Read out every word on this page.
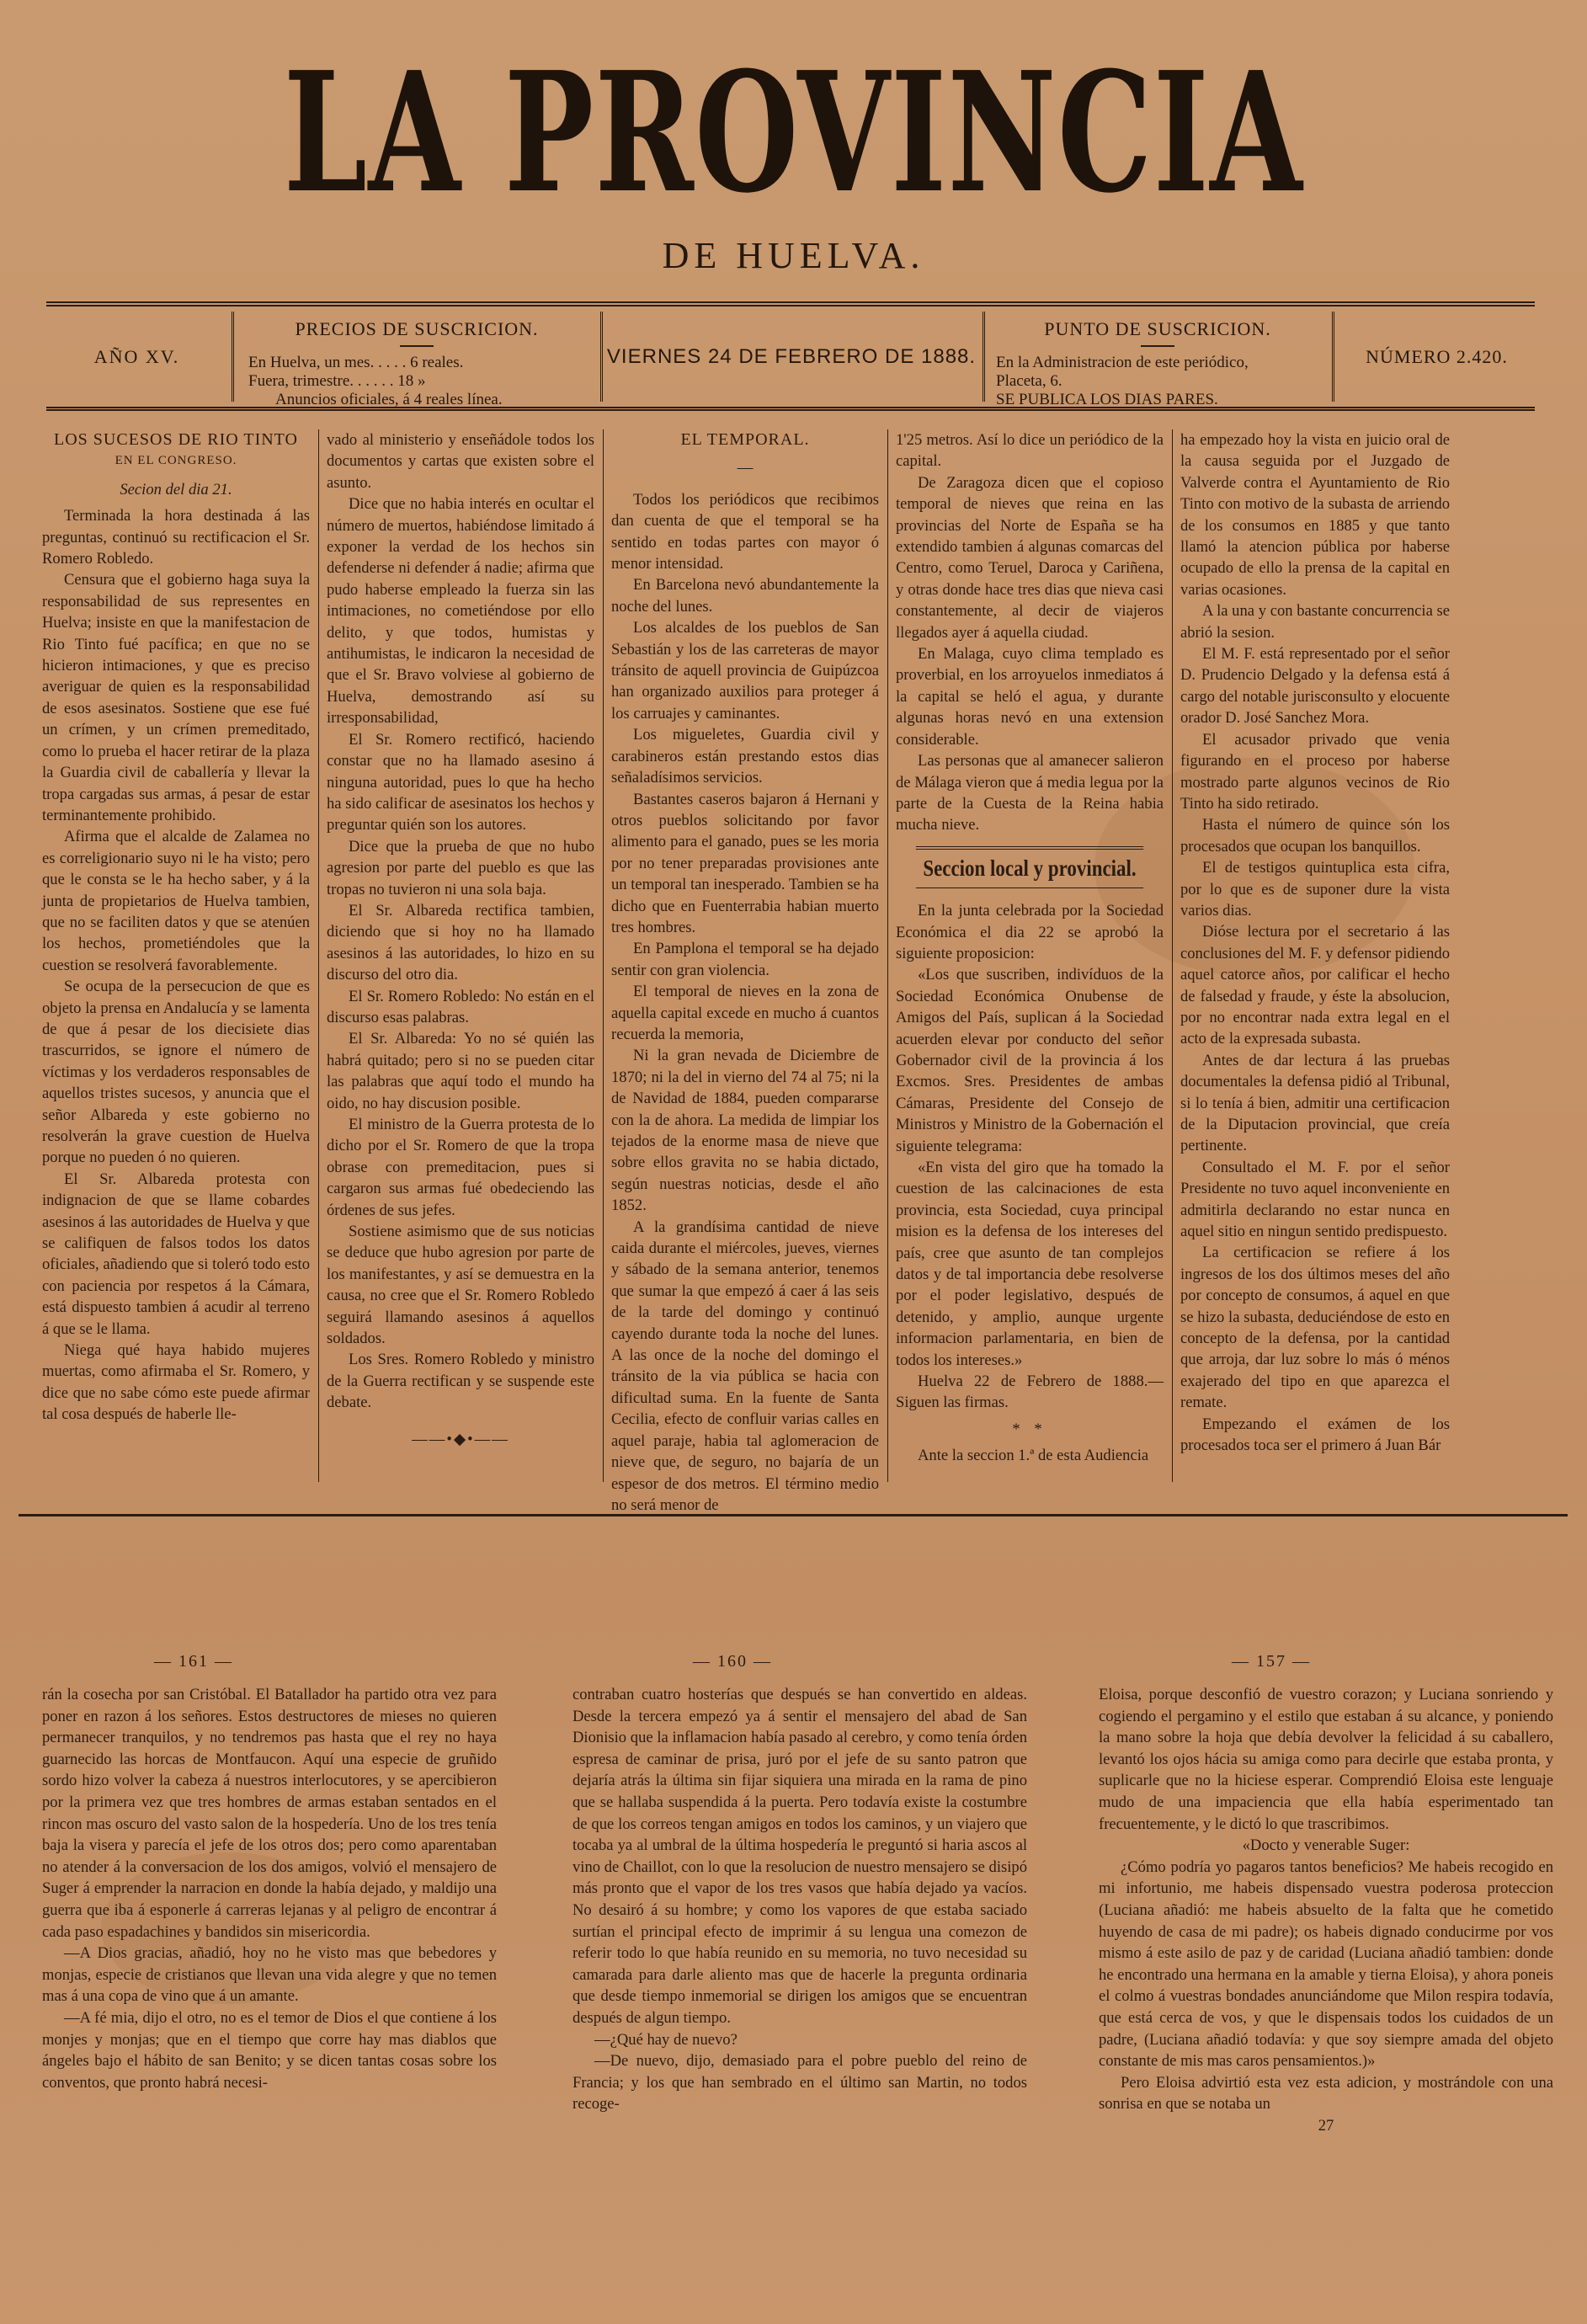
LA PROVINCIA
DE HUELVA.
AÑO XV.
PRECIOS DE SUSCRICION.
En Huelva, un mes. . . . . 6 reales.
Fuera, trimestre. . . . . . 18 »
Anuncios oficiales, á 4 reales línea.
VIERNES 24 DE FEBRERO DE 1888.
PUNTO DE SUSCRICION.
En la Administracion de este periódico,
Placeta, 6.
SE PUBLICA LOS DIAS PARES.
NÚMERO 2.420.

LOS SUCESOS DE RIO TINTO

EN EL CONGRESO.

Secion del dia 21.

Terminada la hora destinada á las preguntas, continuó su rectificacion el Sr. Romero Robledo.

Censura que el gobierno haga suya la responsabilidad de sus representes en Huelva; insiste en que la manifestacion de Rio Tinto fué pacífica; en que no se hicieron intimaciones, y que es preciso averiguar de quien es la responsabilidad de esos asesinatos. Sostiene que ese fué un crímen, y un crímen premeditado, como lo prueba el hacer retirar de la plaza la Guardia civil de caballería y llevar la tropa cargadas sus armas, á pesar de estar terminantemente prohibido.

Afirma que el alcalde de Zalamea no es correligionario suyo ni le ha visto; pero que le consta se le ha hecho saber, y á la junta de propietarios de Huelva tambien, que no se faciliten datos y que se atenúen los hechos, prometiéndoles que la cuestion se resolverá favorablemente.

Se ocupa de la persecucion de que es objeto la prensa en Andalucía y se lamenta de que á pesar de los diecisiete dias trascurridos, se ignore el número de víctimas y los verdaderos responsables de aquellos tristes sucesos, y anuncia que el señor Albareda y este gobierno no resolverán la grave cuestion de Huelva porque no pueden ó no quieren.

El Sr. Albareda protesta con indignacion de que se llame cobardes asesinos á las autoridades de Huelva y que se califiquen de falsos todos los datos oficiales, añadiendo que si toleró todo esto con paciencia por respetos á la Cámara, está dispuesto tambien á acudir al terreno á que se le llama.

Niega qué haya habido mujeres muertas, como afirmaba el Sr. Romero, y dice que no sabe cómo este puede afirmar tal cosa después de haberle lle-

vado al ministerio y enseñádole todos los documentos y cartas que existen sobre el asunto.

Dice que no habia interés en ocultar el número de muertos, habiéndose limitado á exponer la verdad de los hechos sin defenderse ni defender á nadie; afirma que pudo haberse empleado la fuerza sin las intimaciones, no cometiéndose por ello delito, y que todos, humistas y antihumistas, le indicaron la necesidad de que el Sr. Bravo volviese al gobierno de Huelva, demostrando así su irresponsabilidad,

El Sr. Romero rectificó, haciendo constar que no ha llamado asesino á ninguna autoridad, pues lo que ha hecho ha sido calificar de asesinatos los hechos y preguntar quién son los autores.

Dice que la prueba de que no hubo agresion por parte del pueblo es que las tropas no tuvieron ni una sola baja.

El Sr. Albareda rectifica tambien, diciendo que si hoy no ha llamado asesinos á las autoridades, lo hizo en su discurso del otro dia.

El Sr. Romero Robledo: No están en el discurso esas palabras.

El Sr. Albareda: Yo no sé quién las habrá quitado; pero si no se pueden citar las palabras que aquí todo el mundo ha oido, no hay discusion posible.

El ministro de la Guerra protesta de lo dicho por el Sr. Romero de que la tropa obrase con premeditacion, pues si cargaron sus armas fué obedeciendo las órdenes de sus jefes.

Sostiene asimismo que de sus noticias se deduce que hubo agresion por parte de los manifestantes, y así se demuestra en la causa, no cree que el Sr. Romero Robledo seguirá llamando asesinos á aquellos soldados.

Los Sres. Romero Robledo y ministro de la Guerra rectifican y se suspende este debate.

——•◆•——

EL TEMPORAL.

—

Todos los periódicos que recibimos dan cuenta de que el temporal se ha sentido en todas partes con mayor ó menor intensidad.

En Barcelona nevó abundantemente la noche del lunes.

Los alcaldes de los pueblos de San Sebastián y los de las carreteras de mayor tránsito de aquell provincia de Guipúzcoa han organizado auxilios para proteger á los carruajes y caminantes.

Los migueletes, Guardia civil y carabineros están prestando estos dias señaladísimos servicios.

Bastantes caseros bajaron á Hernani y otros pueblos solicitando por favor alimento para el ganado, pues se les moria por no tener preparadas provisiones ante un temporal tan inesperado. Tambien se ha dicho que en Fuenterrabia habian muerto tres hombres.

En Pamplona el temporal se ha dejado sentir con gran violencia.

El temporal de nieves en la zona de aquella capital excede en mucho á cuantos recuerda la memoria,

Ni la gran nevada de Diciembre de 1870; ni la del in vierno del 74 al 75; ni la de Navidad de 1884, pueden compararse con la de ahora. La medida de limpiar los tejados de la enorme masa de nieve que sobre ellos gravita no se habia dictado, según nuestras noticias, desde el año 1852.

A la grandísima cantidad de nieve caida durante el miércoles, jueves, viernes y sábado de la semana anterior, tenemos que sumar la que empezó á caer á las seis de la tarde del domingo y continuó cayendo durante toda la noche del lunes. A las once de la noche del domingo el tránsito de la via pública se hacia con dificultad suma. En la fuente de Santa Cecilia, efecto de confluir varias calles en aquel paraje, habia tal aglomeracion de nieve que, de seguro, no bajaría de un espesor de dos metros. El término medio no será menor de

1'25 metros. Así lo dice un periódico de la capital.

De Zaragoza dicen que el copioso temporal de nieves que reina en las provincias del Norte de España se ha extendido tambien á algunas comarcas del Centro, como Teruel, Daroca y Cariñena, y otras donde hace tres dias que nieva casi constantemente, al decir de viajeros llegados ayer á aquella ciudad.

En Malaga, cuyo clima templado es proverbial, en los arroyuelos inmediatos á la capital se heló el agua, y durante algunas horas nevó en una extension considerable.

Las personas que al amanecer salieron de Málaga vieron que á media legua por la parte de la Cuesta de la Reina habia mucha nieve.

Seccion local y provincial.

En la junta celebrada por la Sociedad Económica el dia 22 se aprobó la siguiente proposicion:

«Los que suscriben, indivíduos de la Sociedad Económica Onubense de Amigos del País, suplican á la Sociedad acuerden elevar por conducto del señor Gobernador civil de la provincia á los Excmos. Sres. Presidentes de ambas Cámaras, Presidente del Consejo de Ministros y Ministro de la Gobernación el siguiente telegrama:

«En vista del giro que ha tomado la cuestion de las calcinaciones de esta provincia, esta Sociedad, cuya principal mision es la defensa de los intereses del país, cree que asunto de tan complejos datos y de tal importancia debe resolverse por el poder legislativo, después de detenido, y amplio, aunque urgente informacion parlamentaria, en bien de todos los intereses.»

Huelva 22 de Febrero de 1888.—Siguen las firmas.

* *

Ante la seccion 1.ª de esta Audiencia

ha empezado hoy la vista en juicio oral de la causa seguida por el Juzgado de Valverde contra el Ayuntamiento de Rio Tinto con motivo de la subasta de arriendo de los consumos en 1885 y que tanto llamó la atencion pública por haberse ocupado de ello la prensa de la capital en varias ocasiones.

A la una y con bastante concurrencia se abrió la sesion.

El M. F. está representado por el señor D. Prudencio Delgado y la defensa está á cargo del notable jurisconsulto y elocuente orador D. José Sanchez Mora.

El acusador privado que venia figurando en el proceso por haberse mostrado parte algunos vecinos de Rio Tinto ha sido retirado.

Hasta el número de quince són los procesados que ocupan los banquillos.

El de testigos quintuplica esta cifra, por lo que es de suponer dure la vista varios dias.

Dióse lectura por el secretario á las conclusiones del M. F. y defensor pidiendo aquel catorce años, por calificar el hecho de falsedad y fraude, y éste la absolucion, por no encontrar nada extra legal en el acto de la expresada subasta.

Antes de dar lectura á las pruebas documentales la defensa pidió al Tribunal, si lo tenía á bien, admitir una certificacion de la Diputacion provincial, que creía pertinente.

Consultado el M. F. por el señor Presidente no tuvo aquel inconveniente en admitirla declarando no estar nunca en aquel sitio en ningun sentido predispuesto.

La certificacion se refiere á los ingresos de los dos últimos meses del año por concepto de consumos, á aquel en que se hizo la subasta, deduciéndose de esto en concepto de la defensa, por la cantidad que arroja, dar luz sobre lo más ó ménos exajerado del tipo en que aparezca el remate.

Empezando el exámen de los procesados toca ser el primero á Juan Bár

— 161 —	— 160 —	— 157 —

rán la cosecha por san Cristóbal. El Batallador ha partido otra vez para poner en razon á los señores. Estos destructores de mieses no quieren permanecer tranquilos, y no tendremos pas hasta que el rey no haya guarnecido las horcas de Montfaucon. Aquí una especie de gruñido sordo hizo volver la cabeza á nuestros interlocutores, y se apercibieron por la primera vez que tres hombres de armas estaban sentados en el rincon mas oscuro del vasto salon de la hospedería. Uno de los tres tenía baja la visera y parecía el jefe de los otros dos; pero como aparentaban no atender á la conversacion de los dos amigos, volvió el mensajero de Suger á emprender la narracion en donde la había dejado, y maldijo una guerra que iba á esponerle á carreras lejanas y al peligro de encontrar á cada paso espadachines y bandidos sin misericordia.

—A Dios gracias, añadió, hoy no he visto mas que bebedores y monjas, especie de cristianos que llevan una vida alegre y que no temen mas á una copa de vino que á un amante.

—A fé mia, dijo el otro, no es el temor de Dios el que contiene á los monjes y monjas; que en el tiempo que corre hay mas diablos que ángeles bajo el hábito de san Benito; y se dicen tantas cosas sobre los conventos, que pronto habrá necesi-

contraban cuatro hosterías que después se han convertido en aldeas. Desde la tercera empezó ya á sentir el mensajero del abad de San Dionisio que la inflamacion había pasado al cerebro, y como tenía órden espresa de caminar de prisa, juró por el jefe de su santo patron que dejaría atrás la última sin fijar siquiera una mirada en la rama de pino que se hallaba suspendida á la puerta. Pero todavía existe la costumbre de que los correos tengan amigos en todos los caminos, y un viajero que tocaba ya al umbral de la última hospedería le preguntó si haria ascos al vino de Chaillot, con lo que la resolucion de nuestro mensajero se disipó más pronto que el vapor de los tres vasos que había dejado ya vacíos. No desairó á su hombre; y como los vapores de que estaba saciado surtían el principal efecto de imprimir á su lengua una comezon de referir todo lo que había reunido en su memoria, no tuvo necesidad su camarada para darle aliento mas que de hacerle la pregunta ordinaria que desde tiempo inmemorial se dirigen los amigos que se encuentran después de algun tiempo.

—¿Qué hay de nuevo?

—De nuevo, dijo, demasiado para el pobre pueblo del reino de Francia; y los que han sembrado en el último san Martin, no todos recoge-

Eloisa, porque desconfió de vuestro corazon; y Luciana sonriendo y cogiendo el pergamino y el estilo que estaban á su alcance, y poniendo la mano sobre la hoja que debía devolver la felicidad á su caballero, levantó los ojos hácia su amiga como para decirle que estaba pronta, y suplicarle que no la hiciese esperar. Comprendió Eloisa este lenguaje mudo de una impaciencia que ella había esperimentado tan frecuentemente, y le dictó lo que trascribimos.

«Docto y venerable Suger:

¿Cómo podría yo pagaros tantos beneficios? Me habeis recogido en mi infortunio, me habeis dispensado vuestra poderosa proteccion (Luciana añadió: me habeis absuelto de la falta que he cometido huyendo de casa de mi padre); os habeis dignado conducirme por vos mismo á este asilo de paz y de caridad (Luciana añadió tambien: donde he encontrado una hermana en la amable y tierna Eloisa), y ahora poneis el colmo á vuestras bondades anunciándome que Milon respira todavía, que está cerca de vos, y que le dispensais todos los cuidados de un padre, (Luciana añadió todavía: y que soy siempre amada del objeto constante de mis mas caros pensamientos.)»

Pero Eloisa advirtió esta vez esta adicion, y mostrándole con una sonrisa en que se notaba un

27
